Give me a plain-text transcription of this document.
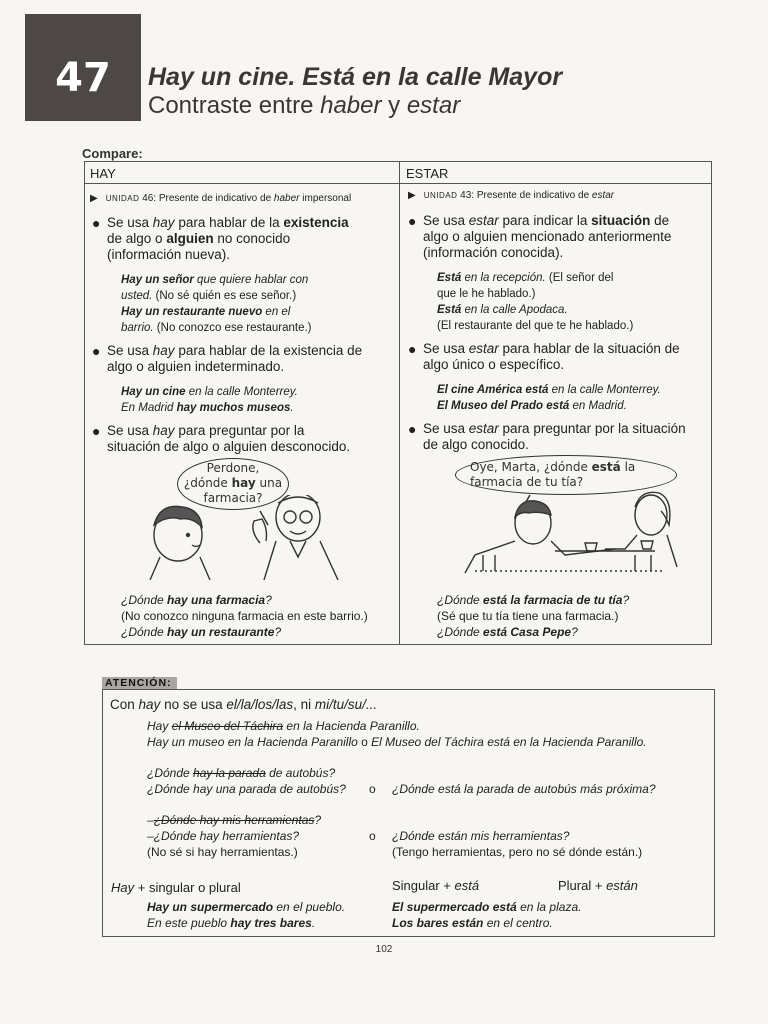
47 Hay un cine. Está en la calle Mayor
Contraste entre haber y estar
Compare:
HAY
▶ UNIDAD 46: Presente de indicativo de haber impersonal
● Se usa hay para hablar de la existencia
de algo o alguien no conocido
(información nueva).
Hay un señor que quiere hablar con
usted. (No sé quién es ese señor.)
Hay un restaurante nuevo en el
barrio. (No conozco ese restaurante.)
● Se usa hay para hablar de la existencia de
algo o alguien indeterminado.
Hay un cine en la calle Monterrey.
En Madrid hay muchos museos.
● Se usa hay para preguntar por la
situación de algo o alguien desconocido.
Perdone,
¿dónde hay una
farmacia?
¿Dónde hay una farmacia?
(No conozco ninguna farmacia en este barrio.)
¿Dónde hay un restaurante?
ESTAR
▶ UNIDAD 43: Presente de indicativo de estar
● Se usa estar para indicar la situación de
algo o alguien mencionado anteriormente
(información conocida).
Está en la recepción. (El señor del
que le he hablado.)
Está en la calle Apodaca.
(El restaurante del que te he hablado.)
● Se usa estar para hablar de la situación de
algo único o específico.
El cine América está en la calle Monterrey.
El Museo del Prado está en Madrid.
● Se usa estar para preguntar por la situación
de algo conocido.
Oye, Marta, ¿dónde está la
farmacia de tu tía?
¿Dónde está la farmacia de tu tía?
(Sé que tu tía tiene una farmacia.)
¿Dónde está Casa Pepe?
ATENCIÓN:
Con hay no se usa el/la/los/las, ni mi/tu/su/...
Hay el Museo del Táchira en la Hacienda Paranillo.
Hay un museo en la Hacienda Paranillo o El Museo del Táchira está en la Hacienda Paranillo.
¿Dónde hay la parada de autobús?
¿Dónde hay una parada de autobús? o ¿Dónde está la parada de autobús más próxima?
–¿Dónde hay mis herramientas?
–¿Dónde hay herramientas?	o ¿Dónde están mis herramientas?
(No sé si hay herramientas.)	(Tengo herramientas, pero no sé dónde están.)
Hay + singular o plural	Singular + está	Plural + están
Hay un supermercado en el pueblo.
En este pueblo hay tres bares.
El supermercado está en la plaza.
Los bares están en el centro.
102
